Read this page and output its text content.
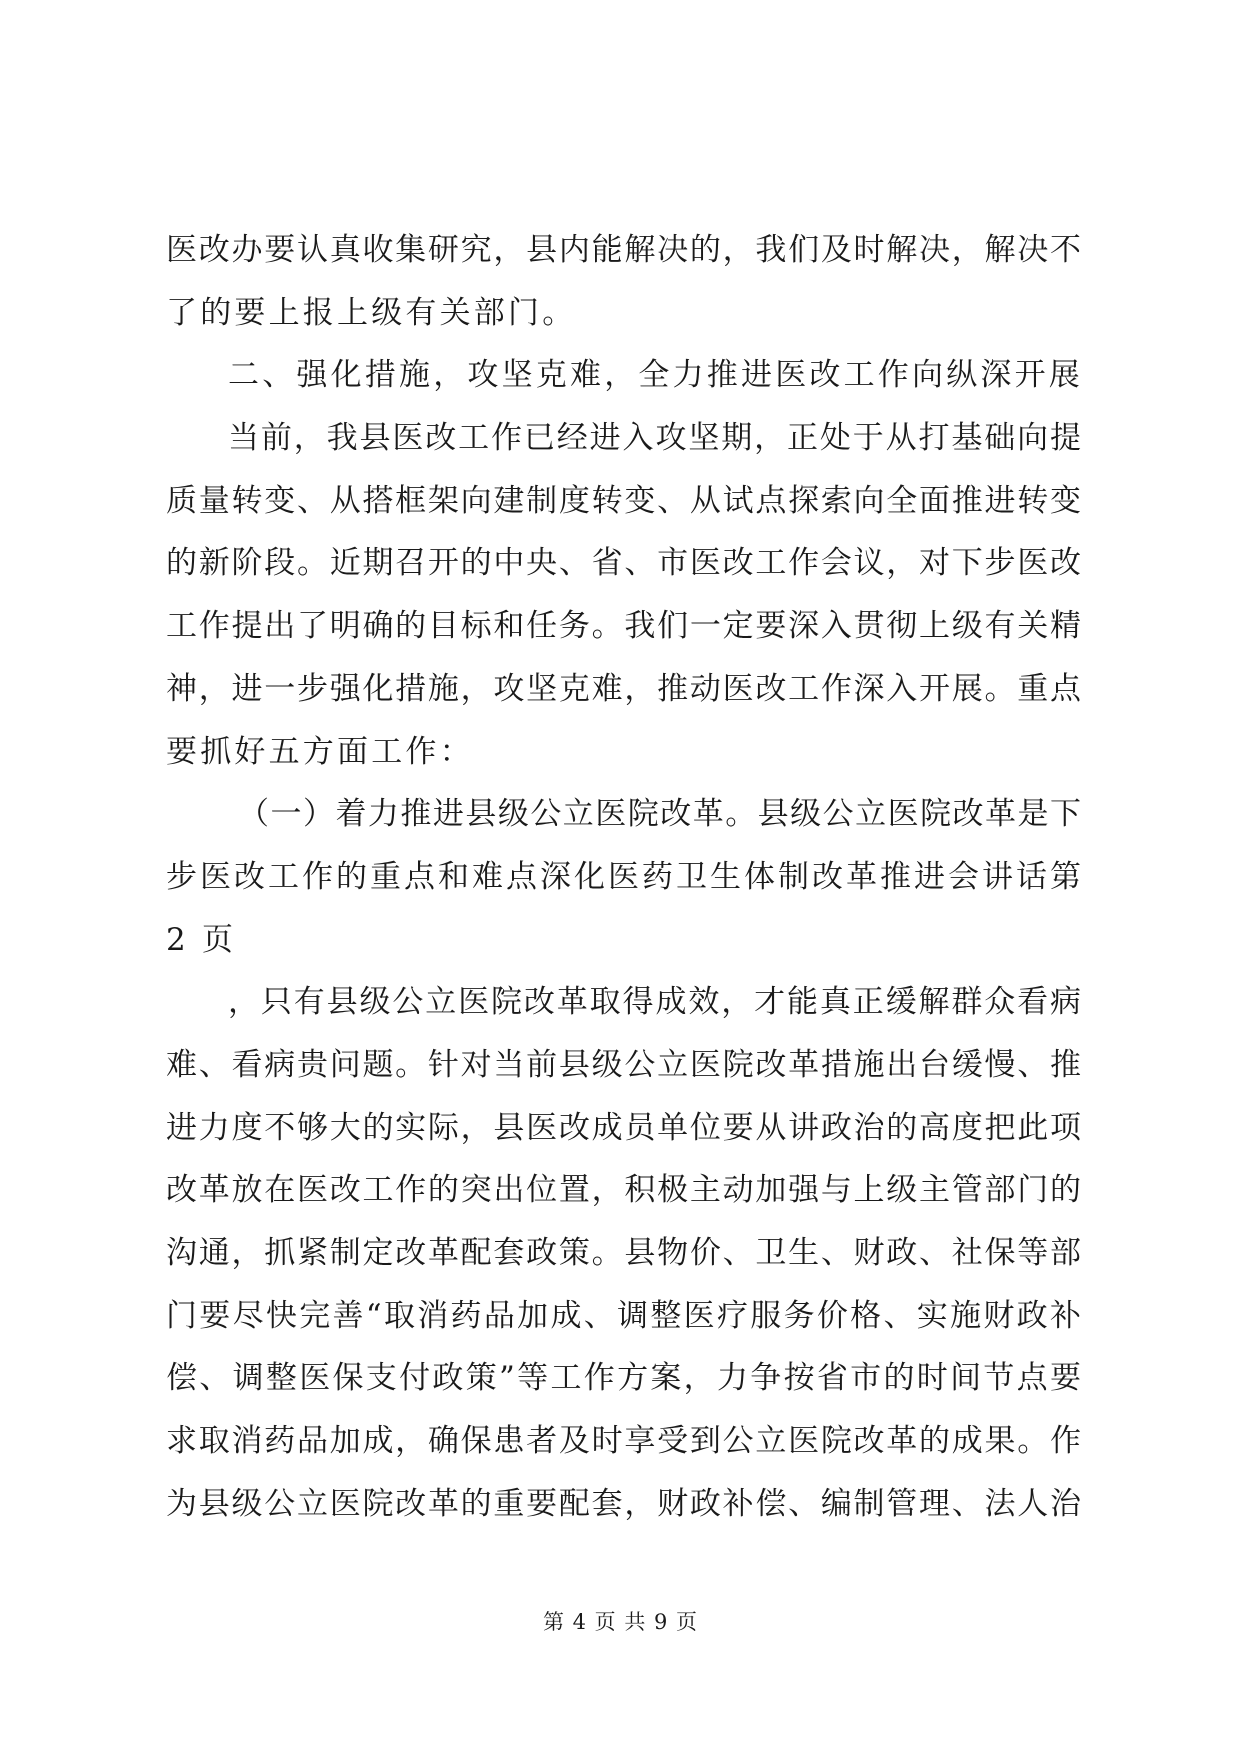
医改办要认真收集研究，县内能解决的，我们及时解决，解决不
了的要上报上级有关部门。
二、强化措施，攻坚克难，全力推进医改工作向纵深开展
当前，我县医改工作已经进入攻坚期，正处于从打基础向提
质量转变、从搭框架向建制度转变、从试点探索向全面推进转变
的新阶段。近期召开的中央、省、市医改工作会议，对下步医改
工作提出了明确的目标和任务。我们一定要深入贯彻上级有关精
神，进一步强化措施，攻坚克难，推动医改工作深入开展。重点
要抓好五方面工作：
（一）着力推进县级公立医院改革。县级公立医院改革是下
步医改工作的重点和难点深化医药卫生体制改革推进会讲话第
2 页
，只有县级公立医院改革取得成效，才能真正缓解群众看病
难、看病贵问题。针对当前县级公立医院改革措施出台缓慢、推
进力度不够大的实际，县医改成员单位要从讲政治的高度把此项
改革放在医改工作的突出位置，积极主动加强与上级主管部门的
沟通，抓紧制定改革配套政策。县物价、卫生、财政、社保等部
门要尽快完善“取消药品加成、调整医疗服务价格、实施财政补
偿、调整医保支付政策”等工作方案，力争按省市的时间节点要
求取消药品加成，确保患者及时享受到公立医院改革的成果。作
为县级公立医院改革的重要配套，财政补偿、编制管理、法人治
第 4 页 共 9 页
